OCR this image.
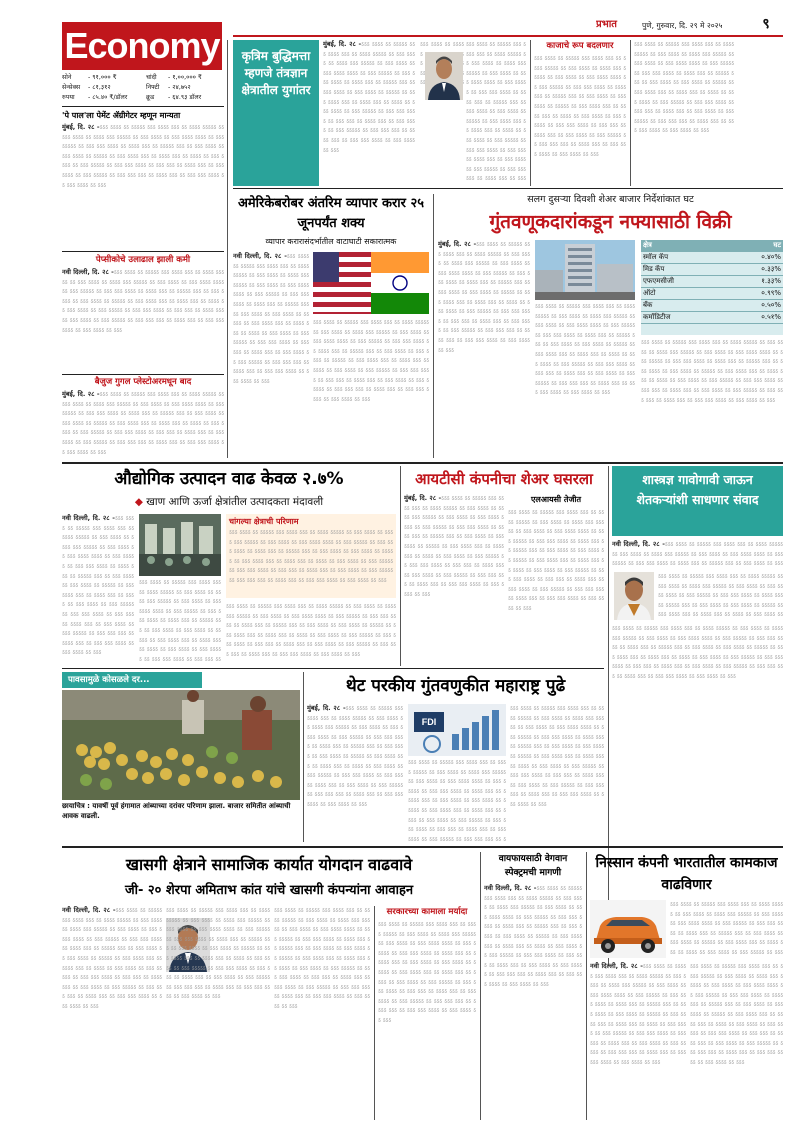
Economy
प्रभात	पुणे, गुरुवार, दि. २९ मे २०२५	९
सोने	- ९१,००० ₹	चांदी	- १,००,००० ₹
सेन्सेक्स	- ८१,३१२	निफ्टी	- २४,७५२
रुपया	- ८५.४० ₹/डॉलर	क्रूड	- ६४.९३ डॉलर
'पे पाल'ला पेमेंट ॲग्रीगेटर म्हणून मान्यता
मुंबई, दि. २८ - ऽऽऽ ऽऽऽऽ ऽऽ ऽऽऽऽऽ ऽऽऽ ऽऽऽऽ ऽऽऽ ऽऽ ऽऽऽऽ ऽऽऽऽऽ ऽऽ ऽऽऽ ऽऽऽऽ ऽऽ ऽऽऽऽ ऽऽऽ ऽऽऽऽऽ ऽऽ ऽऽऽ ऽऽऽऽ ऽऽ ऽऽऽ ऽऽऽऽ ऽऽऽऽ ऽऽ ऽऽऽ ऽऽऽऽऽ ऽऽ ऽऽऽ ऽऽऽ ऽऽऽऽ ऽऽ ऽऽऽऽ ऽऽऽ ऽऽ ऽऽऽऽऽ ऽऽऽ ऽऽ ऽऽऽ ऽऽऽऽ ऽऽ ऽऽऽ ऽऽऽऽ ऽऽ ऽऽऽऽऽ ऽऽ ऽऽऽ ऽऽऽऽ ऽऽऽ ऽऽ ऽऽऽऽ ऽऽऽ ऽऽ ऽऽऽऽ ऽऽ ऽऽऽ ऽऽऽऽ ऽऽ ऽऽऽ ऽऽऽऽऽ ऽऽ ऽऽऽ ऽऽऽ ऽऽऽऽ ऽऽ ऽऽऽ ऽऽऽ ऽऽ ऽऽऽऽ ऽऽऽ ऽऽ ऽऽऽ ऽऽऽऽ ऽऽ ऽऽऽ ऽऽऽऽऽ ऽऽ ऽऽऽ ऽऽऽ ऽऽऽ ऽऽ ऽऽऽऽ ऽऽऽ ऽऽ ऽऽऽ ऽऽऽ ऽऽऽऽ ऽऽ ऽऽऽ ऽऽऽऽ ऽऽ ऽऽऽ
पेप्सीकोचे उलाढाल झाली कमी
नवी दिल्ली, दि. २८ - ऽऽऽ ऽऽऽऽ ऽऽ ऽऽऽऽऽ ऽऽऽ ऽऽऽऽ ऽऽऽ ऽऽ ऽऽऽऽ ऽऽऽऽऽ ऽऽ ऽऽऽ ऽऽऽऽ ऽऽ ऽऽऽऽ ऽऽऽ ऽऽऽऽऽ ऽऽ ऽऽऽ ऽऽऽऽ ऽऽ ऽऽऽ ऽऽऽऽ ऽऽऽऽ ऽऽ ऽऽऽ ऽऽऽऽऽ ऽऽ ऽऽऽ ऽऽऽ ऽऽऽऽ ऽऽ ऽऽऽऽ ऽऽऽ ऽऽ ऽऽऽऽऽ ऽऽऽ ऽऽ ऽऽऽ ऽऽऽऽ ऽऽ ऽऽऽ ऽऽऽऽ ऽऽ ऽऽऽऽऽ ऽऽ ऽऽऽ ऽऽऽऽ ऽऽऽ ऽऽ ऽऽऽऽ ऽऽऽ ऽऽ ऽऽऽऽ ऽऽ ऽऽऽ ऽऽऽऽ ऽऽ ऽऽऽ ऽऽऽऽऽ ऽऽ ऽऽऽ ऽऽऽ ऽऽऽऽ ऽऽ ऽऽऽ ऽऽऽ ऽऽ ऽऽऽऽ ऽऽऽ ऽऽ ऽऽऽ ऽऽऽऽ ऽऽ ऽऽऽ ऽऽऽऽऽ ऽऽ ऽऽऽ ऽऽऽ ऽऽऽ ऽऽ ऽऽऽऽ ऽऽऽ ऽऽ ऽऽऽ ऽऽऽ ऽऽऽऽ ऽऽ ऽऽऽ ऽऽऽऽ ऽऽ ऽऽऽ
बैजुज गुगल प्लेस्टोअरमधून बाद
मुंबई, दि. २८ - ऽऽऽ ऽऽऽऽ ऽऽ ऽऽऽऽऽ ऽऽऽ ऽऽऽऽ ऽऽऽ ऽऽ ऽऽऽऽ ऽऽऽऽऽ ऽऽ ऽऽऽ ऽऽऽऽ ऽऽ ऽऽऽऽ ऽऽऽ ऽऽऽऽऽ ऽऽ ऽऽऽ ऽऽऽऽ ऽऽ ऽऽऽ ऽऽऽऽ ऽऽऽऽ ऽऽ ऽऽऽ ऽऽऽऽऽ ऽऽ ऽऽऽ ऽऽऽ ऽऽऽऽ ऽऽ ऽऽऽऽ ऽऽऽ ऽऽ ऽऽऽऽऽ ऽऽऽ ऽऽ ऽऽऽ ऽऽऽऽ ऽऽ ऽऽऽ ऽऽऽऽ ऽऽ ऽऽऽऽऽ ऽऽ ऽऽऽ ऽऽऽऽ ऽऽऽ ऽऽ ऽऽऽऽ ऽऽऽ ऽऽ ऽऽऽऽ ऽऽ ऽऽऽ ऽऽऽऽ ऽऽ ऽऽऽ ऽऽऽऽऽ ऽऽ ऽऽऽ ऽऽऽ ऽऽऽऽ ऽऽ ऽऽऽ ऽऽऽ ऽऽ ऽऽऽऽ ऽऽऽ ऽऽ ऽऽऽ ऽऽऽऽ ऽऽ ऽऽऽ ऽऽऽऽऽ ऽऽ ऽऽऽ ऽऽऽ ऽऽऽ ऽऽ ऽऽऽऽ ऽऽऽ ऽऽ ऽऽऽ ऽऽऽ ऽऽऽऽ ऽऽ ऽऽऽ ऽऽऽऽ ऽऽ ऽऽऽ
कृत्रिम बुद्धिमत्ता म्हणजे तंत्रज्ञान क्षेत्रातील युगांतर
मुंबई, दि. २८ - ऽऽऽ ऽऽऽऽ ऽऽ ऽऽऽऽऽ ऽऽऽ ऽऽऽऽ ऽऽऽ ऽऽ ऽऽऽऽ ऽऽऽऽऽ ऽऽ ऽऽऽ ऽऽऽऽ ऽऽ ऽऽऽऽ ऽऽऽ ऽऽऽऽऽ ऽऽ ऽऽऽ ऽऽऽऽ ऽऽ ऽऽऽ ऽऽऽऽ ऽऽऽऽ ऽऽ ऽऽऽ ऽऽऽऽऽ ऽऽ ऽऽऽ ऽऽऽ ऽऽऽऽ ऽऽ ऽऽऽऽ ऽऽऽ ऽऽ ऽऽऽऽऽ ऽऽऽ ऽऽ ऽऽऽ ऽऽऽऽ ऽऽ ऽऽऽ ऽऽऽऽ ऽऽ ऽऽऽऽऽ ऽऽ ऽऽऽ ऽऽऽऽ ऽऽऽ ऽऽ ऽऽऽऽ ऽऽऽ ऽऽ ऽऽऽऽ ऽऽ ऽऽऽ ऽऽऽऽ ऽऽ ऽऽऽ ऽऽऽऽऽ ऽऽ ऽऽऽ ऽऽऽ ऽऽऽऽ ऽऽ ऽऽऽ ऽऽऽ ऽऽ ऽऽऽऽ ऽऽऽ ऽऽ ऽऽऽ ऽऽऽऽ ऽऽ ऽऽऽ ऽऽऽऽऽ ऽऽ ऽऽऽ ऽऽऽ ऽऽऽ ऽऽ ऽऽऽऽ ऽऽऽ ऽऽ ऽऽऽ ऽऽऽ ऽऽऽऽ ऽऽ ऽऽऽ ऽऽऽऽ ऽऽ ऽऽऽ ऽऽऽ ऽऽऽऽ ऽऽ ऽऽऽऽऽ ऽऽऽ ऽऽऽऽ ऽऽऽ ऽऽ ऽऽऽऽ ऽऽऽऽऽ ऽऽ ऽऽऽ ऽऽऽऽ ऽऽ ऽऽऽऽ ऽऽऽ ऽऽऽऽऽ ऽऽ ऽऽऽ ऽऽऽऽ ऽऽ ऽऽऽ ऽऽऽऽ ऽऽऽऽ ऽऽ ऽऽऽ ऽऽऽऽऽ ऽऽ ऽऽऽ ऽऽऽ ऽऽऽऽ ऽऽ ऽऽऽऽ ऽऽऽ ऽऽ ऽऽऽऽऽ ऽऽऽ ऽऽ ऽऽऽ ऽऽऽऽ ऽऽ ऽऽऽ ऽऽऽऽ ऽऽ ऽऽऽऽऽ ऽऽ ऽऽऽ ऽऽऽऽ ऽऽऽ ऽऽ ऽऽऽऽ ऽऽऽ ऽऽ ऽऽऽऽ ऽऽ ऽऽऽ ऽऽऽऽ ऽऽ ऽऽऽ ऽऽऽऽऽ ऽऽ ऽऽऽ ऽऽऽ ऽऽऽऽ ऽऽ ऽऽऽ ऽऽऽ ऽऽ ऽऽऽऽ ऽऽऽ ऽऽ ऽऽऽ ऽऽऽऽ ऽऽ ऽऽऽ ऽऽऽऽऽ ऽऽ ऽऽऽ ऽऽऽ ऽऽऽ ऽऽ ऽऽऽऽ ऽऽऽ ऽऽ ऽऽऽ ऽऽऽ ऽऽऽऽ ऽऽ ऽऽऽ ऽऽऽऽ ऽऽ ऽऽऽ ऽऽऽ ऽऽऽऽ ऽऽ ऽऽऽऽऽ ऽऽऽ ऽऽऽऽ ऽऽऽ ऽऽ ऽऽऽऽ ऽऽऽऽऽ ऽऽ ऽऽऽ ऽऽऽऽ ऽऽ ऽऽऽऽ ऽऽऽ ऽऽऽऽऽ ऽऽ ऽऽऽ ऽऽऽऽ ऽऽ ऽऽऽ ऽऽऽऽ ऽऽऽऽ ऽऽ ऽऽऽ ऽऽऽऽऽ ऽऽ ऽऽऽ ऽऽऽ ऽऽऽऽ ऽऽ ऽऽऽऽ ऽऽऽ ऽऽ ऽऽऽऽऽ ऽऽऽ ऽऽ ऽऽऽ ऽऽऽऽ ऽऽ ऽऽऽ ऽऽऽऽ ऽऽ ऽऽऽऽऽ ऽऽ ऽऽऽ ऽऽऽऽ ऽऽऽ ऽऽ ऽऽऽऽ ऽऽऽ ऽऽ ऽऽऽऽ ऽऽ ऽऽऽ ऽऽऽऽ ऽऽ ऽऽऽ ऽऽऽऽऽ ऽऽ ऽऽऽ ऽऽऽ ऽऽऽऽ ऽऽ ऽऽऽ ऽऽऽ ऽऽ ऽऽऽऽ ऽऽऽ ऽऽ ऽऽऽ ऽऽऽऽ ऽऽ ऽऽऽ ऽऽऽऽऽ ऽऽ ऽऽऽ ऽऽऽ ऽऽऽ ऽऽ ऽऽऽऽ ऽऽऽ ऽऽ ऽऽऽ ऽऽऽ ऽऽऽऽ ऽऽ ऽऽऽ ऽऽऽऽ ऽऽ ऽऽऽ	काजाचे रूप बदलणार
ऽऽऽ ऽऽऽऽ ऽऽ ऽऽऽऽऽ ऽऽऽ ऽऽऽऽ ऽऽऽ ऽऽ ऽऽऽऽ ऽऽऽऽऽ ऽऽ ऽऽऽ ऽऽऽऽ ऽऽ ऽऽऽऽ ऽऽऽ ऽऽऽऽऽ ऽऽ ऽऽऽ ऽऽऽऽ ऽऽ ऽऽऽ ऽऽऽऽ ऽऽऽऽ ऽऽ ऽऽऽ ऽऽऽऽऽ ऽऽ ऽऽऽ ऽऽऽ ऽऽऽऽ ऽऽ ऽऽऽऽ ऽऽऽ ऽऽ ऽऽऽऽऽ ऽऽऽ ऽऽ ऽऽऽ ऽऽऽऽ ऽऽ ऽऽऽ ऽऽऽऽ ऽऽ ऽऽऽऽऽ ऽऽ ऽऽऽ ऽऽऽऽ ऽऽऽ ऽऽ ऽऽऽऽ ऽऽऽ ऽऽ ऽऽऽऽ ऽऽ ऽऽऽ ऽऽऽऽ ऽऽ ऽऽऽ ऽऽऽऽऽ ऽऽ ऽऽऽ ऽऽऽ ऽऽऽऽ ऽऽ ऽऽऽ ऽऽऽ ऽऽ ऽऽऽऽ ऽऽऽ ऽऽ ऽऽऽ ऽऽऽऽ ऽऽ ऽऽऽ ऽऽऽऽऽ ऽऽ ऽऽऽ ऽऽऽ ऽऽऽ ऽऽ ऽऽऽऽ ऽऽऽ ऽऽ ऽऽऽ ऽऽऽ ऽऽऽऽ ऽऽ ऽऽऽ ऽऽऽऽ ऽऽ ऽऽऽ
ऽऽऽ ऽऽऽऽ ऽऽ ऽऽऽऽऽ ऽऽऽ ऽऽऽऽ ऽऽऽ ऽऽ ऽऽऽऽ ऽऽऽऽऽ ऽऽ ऽऽऽ ऽऽऽऽ ऽऽ ऽऽऽऽ ऽऽऽ ऽऽऽऽऽ ऽऽ ऽऽऽ ऽऽऽऽ ऽऽ ऽऽऽ ऽऽऽऽ ऽऽऽऽ ऽऽ ऽऽऽ ऽऽऽऽऽ ऽऽ ऽऽऽ ऽऽऽ ऽऽऽऽ ऽऽ ऽऽऽऽ ऽऽऽ ऽऽ ऽऽऽऽऽ ऽऽऽ ऽऽ ऽऽऽ ऽऽऽऽ ऽऽ ऽऽऽ ऽऽऽऽ ऽऽ ऽऽऽऽऽ ऽऽ ऽऽऽ ऽऽऽऽ ऽऽऽ ऽऽ ऽऽऽऽ ऽऽऽ ऽऽ ऽऽऽऽ ऽऽ ऽऽऽ ऽऽऽऽ ऽऽ ऽऽऽ ऽऽऽऽऽ ऽऽ ऽऽऽ ऽऽऽ ऽऽऽऽ ऽऽ ऽऽऽ ऽऽऽ ऽऽ ऽऽऽऽ ऽऽऽ ऽऽ ऽऽऽ ऽऽऽऽ ऽऽ ऽऽऽ ऽऽऽऽऽ ऽऽ ऽऽऽ ऽऽऽ ऽऽऽ ऽऽ ऽऽऽऽ ऽऽऽ ऽऽ ऽऽऽ ऽऽऽ ऽऽऽऽ ऽऽ ऽऽऽ ऽऽऽऽ ऽऽ ऽऽऽ
अमेरिकेबरोबर अंतरिम व्यापार करार २५ जूनपर्यंत शक्य
व्यापार करारासंदर्भातील वाटाघाटी सकारात्मक
नवी दिल्ली, दि. २८ - ऽऽऽ ऽऽऽऽ ऽऽ ऽऽऽऽऽ ऽऽऽ ऽऽऽऽ ऽऽऽ ऽऽ ऽऽऽऽ ऽऽऽऽऽ ऽऽ ऽऽऽ ऽऽऽऽ ऽऽ ऽऽऽऽ ऽऽऽ ऽऽऽऽऽ ऽऽ ऽऽऽ ऽऽऽऽ ऽऽ ऽऽऽ ऽऽऽऽ ऽऽऽऽ ऽऽ ऽऽऽ ऽऽऽऽऽ ऽऽ ऽऽऽ ऽऽऽ ऽऽऽऽ ऽऽ ऽऽऽऽ ऽऽऽ ऽऽ ऽऽऽऽऽ ऽऽऽ ऽऽ ऽऽऽ ऽऽऽऽ ऽऽ ऽऽऽ ऽऽऽऽ ऽऽ ऽऽऽऽऽ ऽऽ ऽऽऽ ऽऽऽऽ ऽऽऽ ऽऽ ऽऽऽऽ ऽऽऽ ऽऽ ऽऽऽऽ ऽऽ ऽऽऽ ऽऽऽऽ ऽऽ ऽऽऽ ऽऽऽऽऽ ऽऽ ऽऽऽ ऽऽऽ ऽऽऽऽ ऽऽ ऽऽऽ ऽऽऽ ऽऽ ऽऽऽऽ ऽऽऽ ऽऽ ऽऽऽ ऽऽऽऽ ऽऽ ऽऽऽ ऽऽऽऽऽ ऽऽ ऽऽऽ ऽऽऽ ऽऽऽ ऽऽ ऽऽऽऽ ऽऽऽ ऽऽ ऽऽऽ ऽऽऽ ऽऽऽऽ ऽऽ ऽऽऽ ऽऽऽऽ ऽऽ ऽऽऽ
ऽऽऽ ऽऽऽऽ ऽऽ ऽऽऽऽऽ ऽऽऽ ऽऽऽऽ ऽऽऽ ऽऽ ऽऽऽऽ ऽऽऽऽऽ ऽऽ ऽऽऽ ऽऽऽऽ ऽऽ ऽऽऽऽ ऽऽऽ ऽऽऽऽऽ ऽऽ ऽऽऽ ऽऽऽऽ ऽऽ ऽऽऽ ऽऽऽऽ ऽऽऽऽ ऽऽ ऽऽऽ ऽऽऽऽऽ ऽऽ ऽऽऽ ऽऽऽ ऽऽऽऽ ऽऽ ऽऽऽऽ ऽऽऽ ऽऽ ऽऽऽऽऽ ऽऽऽ ऽऽ ऽऽऽ ऽऽऽऽ ऽऽ ऽऽऽ ऽऽऽऽ ऽऽ ऽऽऽऽऽ ऽऽ ऽऽऽ ऽऽऽऽ ऽऽऽ ऽऽ ऽऽऽऽ ऽऽऽ ऽऽ ऽऽऽऽ ऽऽ ऽऽऽ ऽऽऽऽ ऽऽ ऽऽऽ ऽऽऽऽऽ ऽऽ ऽऽऽ ऽऽऽ ऽऽऽऽ ऽऽ ऽऽऽ ऽऽऽ ऽऽ ऽऽऽऽ ऽऽऽ ऽऽ ऽऽऽ ऽऽऽऽ ऽऽ ऽऽऽ ऽऽऽऽऽ ऽऽ ऽऽऽ ऽऽऽ ऽऽऽ ऽऽ ऽऽऽऽ ऽऽऽ ऽऽ ऽऽऽ ऽऽऽ ऽऽऽऽ ऽऽ ऽऽऽ ऽऽऽऽ ऽऽ ऽऽऽ
सलग दुसऱ्या दिवशी शेअर बाजार निर्देशांकात घट
गुंतवणूकदारांकडून नफ्यासाठी विक्री
मुंबई, दि. २८ - ऽऽऽ ऽऽऽऽ ऽऽ ऽऽऽऽऽ ऽऽऽ ऽऽऽऽ ऽऽऽ ऽऽ ऽऽऽऽ ऽऽऽऽऽ ऽऽ ऽऽऽ ऽऽऽऽ ऽऽ ऽऽऽऽ ऽऽऽ ऽऽऽऽऽ ऽऽ ऽऽऽ ऽऽऽऽ ऽऽ ऽऽऽ ऽऽऽऽ ऽऽऽऽ ऽऽ ऽऽऽ ऽऽऽऽऽ ऽऽ ऽऽऽ ऽऽऽ ऽऽऽऽ ऽऽ ऽऽऽऽ ऽऽऽ ऽऽ ऽऽऽऽऽ ऽऽऽ ऽऽ ऽऽऽ ऽऽऽऽ ऽऽ ऽऽऽ ऽऽऽऽ ऽऽ ऽऽऽऽऽ ऽऽ ऽऽऽ ऽऽऽऽ ऽऽऽ ऽऽ ऽऽऽऽ ऽऽऽ ऽऽ ऽऽऽऽ ऽऽ ऽऽऽ ऽऽऽऽ ऽऽ ऽऽऽ ऽऽऽऽऽ ऽऽ ऽऽऽ ऽऽऽ ऽऽऽऽ ऽऽ ऽऽऽ ऽऽऽ ऽऽ ऽऽऽऽ ऽऽऽ ऽऽ ऽऽऽ ऽऽऽऽ ऽऽ ऽऽऽ ऽऽऽऽऽ ऽऽ ऽऽऽ ऽऽऽ ऽऽऽ ऽऽ ऽऽऽऽ ऽऽऽ ऽऽ ऽऽऽ ऽऽऽ ऽऽऽऽ ऽऽ ऽऽऽ ऽऽऽऽ ऽऽ ऽऽऽ
ऽऽऽ ऽऽऽऽ ऽऽ ऽऽऽऽऽ ऽऽऽ ऽऽऽऽ ऽऽऽ ऽऽ ऽऽऽऽ ऽऽऽऽऽ ऽऽ ऽऽऽ ऽऽऽऽ ऽऽ ऽऽऽऽ ऽऽऽ ऽऽऽऽऽ ऽऽ ऽऽऽ ऽऽऽऽ ऽऽ ऽऽऽ ऽऽऽऽ ऽऽऽऽ ऽऽ ऽऽऽ ऽऽऽऽऽ ऽऽ ऽऽऽ ऽऽऽ ऽऽऽऽ ऽऽ ऽऽऽऽ ऽऽऽ ऽऽ ऽऽऽऽऽ ऽऽऽ ऽऽ ऽऽऽ ऽऽऽऽ ऽऽ ऽऽऽ ऽऽऽऽ ऽऽ ऽऽऽऽऽ ऽऽ ऽऽऽ ऽऽऽऽ ऽऽऽ ऽऽ ऽऽऽऽ ऽऽऽ ऽऽ ऽऽऽऽ ऽऽ ऽऽऽ ऽऽऽऽ ऽऽ ऽऽऽ ऽऽऽऽऽ ऽऽ ऽऽऽ ऽऽऽ ऽऽऽऽ ऽऽ ऽऽऽ ऽऽऽ ऽऽ ऽऽऽऽ ऽऽऽ ऽऽ ऽऽऽ ऽऽऽऽ ऽऽ ऽऽऽ ऽऽऽऽऽ ऽऽ ऽऽऽ ऽऽऽ ऽऽऽ ऽऽ ऽऽऽऽ ऽऽऽ ऽऽ ऽऽऽ ऽऽऽ ऽऽऽऽ ऽऽ ऽऽऽ ऽऽऽऽ ऽऽ ऽऽऽ	क्षेत्र	घट
स्मॉल कॅप	०.४०%
मिड कॅप	०.३३%
एफएमसीजी	१.३३%
ऑटो	०.९९%
बँक	०.५०%
कमॉडिटीज	०.५१%
ऽऽऽ ऽऽऽऽ ऽऽ ऽऽऽऽऽ ऽऽऽ ऽऽऽऽ ऽऽऽ ऽऽ ऽऽऽऽ ऽऽऽऽऽ ऽऽ ऽऽऽ ऽऽऽऽ ऽऽ ऽऽऽऽ ऽऽऽ ऽऽऽऽऽ ऽऽ ऽऽऽ ऽऽऽऽ ऽऽ ऽऽऽ ऽऽऽऽ ऽऽऽऽ ऽऽ ऽऽऽ ऽऽऽऽऽ ऽऽ ऽऽऽ ऽऽऽ ऽऽऽऽ ऽऽ ऽऽऽऽ ऽऽऽ ऽऽ ऽऽऽऽऽ ऽऽऽ ऽऽ ऽऽऽ ऽऽऽऽ ऽऽ ऽऽऽ ऽऽऽऽ ऽऽ ऽऽऽऽऽ ऽऽ ऽऽऽ ऽऽऽऽ ऽऽऽ ऽऽ ऽऽऽऽ ऽऽऽ ऽऽ ऽऽऽऽ ऽऽ ऽऽऽ ऽऽऽऽ ऽऽ ऽऽऽ ऽऽऽऽऽ ऽऽ ऽऽऽ ऽऽऽ ऽऽऽऽ ऽऽ ऽऽऽ ऽऽऽ ऽऽ ऽऽऽऽ ऽऽऽ ऽऽ ऽऽऽ ऽऽऽऽ ऽऽ ऽऽऽ ऽऽऽऽऽ ऽऽ ऽऽऽ ऽऽऽ ऽऽऽ ऽऽ ऽऽऽऽ ऽऽऽ ऽऽ ऽऽऽ ऽऽऽ ऽऽऽऽ ऽऽ ऽऽऽ ऽऽऽऽ ऽऽ ऽऽऽ
औद्योगिक उत्पादन वाढ केवळ २.७%
◆ खाण आणि ऊर्जा क्षेत्रांतील उत्पादकता मंदावली
नवी दिल्ली, दि. २८ - ऽऽऽ ऽऽऽऽ ऽऽ ऽऽऽऽऽ ऽऽऽ ऽऽऽऽ ऽऽऽ ऽऽ ऽऽऽऽ ऽऽऽऽऽ ऽऽ ऽऽऽ ऽऽऽऽ ऽऽ ऽऽऽऽ ऽऽऽ ऽऽऽऽऽ ऽऽ ऽऽऽ ऽऽऽऽ ऽऽ ऽऽऽ ऽऽऽऽ ऽऽऽऽ ऽऽ ऽऽऽ ऽऽऽऽऽ ऽऽ ऽऽऽ ऽऽऽ ऽऽऽऽ ऽऽ ऽऽऽऽ ऽऽऽ ऽऽ ऽऽऽऽऽ ऽऽऽ ऽऽ ऽऽऽ ऽऽऽऽ ऽऽ ऽऽऽ ऽऽऽऽ ऽऽ ऽऽऽऽऽ ऽऽ ऽऽऽ ऽऽऽऽ ऽऽऽ ऽऽ ऽऽऽऽ ऽऽऽ ऽऽ ऽऽऽऽ ऽऽ ऽऽऽ ऽऽऽऽ ऽऽ ऽऽऽ ऽऽऽऽऽ ऽऽ ऽऽऽ ऽऽऽ ऽऽऽऽ ऽऽ ऽऽऽ ऽऽऽ ऽऽ ऽऽऽऽ ऽऽऽ ऽऽ ऽऽऽ ऽऽऽऽ ऽऽ ऽऽऽ ऽऽऽऽऽ ऽऽ ऽऽऽ ऽऽऽ ऽऽऽ ऽऽ ऽऽऽऽ ऽऽऽ ऽऽ ऽऽऽ ऽऽऽ ऽऽऽऽ ऽऽ ऽऽऽ ऽऽऽऽ ऽऽ ऽऽऽ
ऽऽऽ ऽऽऽऽ ऽऽ ऽऽऽऽऽ ऽऽऽ ऽऽऽऽ ऽऽऽ ऽऽ ऽऽऽऽ ऽऽऽऽऽ ऽऽ ऽऽऽ ऽऽऽऽ ऽऽ ऽऽऽऽ ऽऽऽ ऽऽऽऽऽ ऽऽ ऽऽऽ ऽऽऽऽ ऽऽ ऽऽऽ ऽऽऽऽ ऽऽऽऽ ऽऽ ऽऽऽ ऽऽऽऽऽ ऽऽ ऽऽऽ ऽऽऽ ऽऽऽऽ ऽऽ ऽऽऽऽ ऽऽऽ ऽऽ ऽऽऽऽऽ ऽऽऽ ऽऽ ऽऽऽ ऽऽऽऽ ऽऽ ऽऽऽ ऽऽऽऽ ऽऽ ऽऽऽऽऽ ऽऽ ऽऽऽ ऽऽऽऽ ऽऽऽ ऽऽ ऽऽऽऽ ऽऽऽ ऽऽ ऽऽऽऽ ऽऽ ऽऽऽ ऽऽऽऽ ऽऽ ऽऽऽ ऽऽऽऽऽ ऽऽ ऽऽऽ ऽऽऽ ऽऽऽऽ ऽऽ ऽऽऽ ऽऽऽ ऽऽ ऽऽऽऽ ऽऽऽ ऽऽ ऽऽऽ ऽऽऽऽ ऽऽ ऽऽऽ ऽऽऽऽऽ ऽऽ ऽऽऽ ऽऽऽ ऽऽऽ ऽऽ ऽऽऽऽ ऽऽऽ ऽऽ ऽऽऽ ऽऽऽ ऽऽऽऽ ऽऽ ऽऽऽ ऽऽऽऽ ऽऽ ऽऽऽ	चांगल्या क्षेत्राची परिणाम
ऽऽऽ ऽऽऽऽ ऽऽ ऽऽऽऽऽ ऽऽऽ ऽऽऽऽ ऽऽऽ ऽऽ ऽऽऽऽ ऽऽऽऽऽ ऽऽ ऽऽऽ ऽऽऽऽ ऽऽ ऽऽऽऽ ऽऽऽ ऽऽऽऽऽ ऽऽ ऽऽऽ ऽऽऽऽ ऽऽ ऽऽऽ ऽऽऽऽ ऽऽऽऽ ऽऽ ऽऽऽ ऽऽऽऽऽ ऽऽ ऽऽऽ ऽऽऽ ऽऽऽऽ ऽऽ ऽऽऽऽ ऽऽऽ ऽऽ ऽऽऽऽऽ ऽऽऽ ऽऽ ऽऽऽ ऽऽऽऽ ऽऽ ऽऽऽ ऽऽऽऽ ऽऽ ऽऽऽऽऽ ऽऽ ऽऽऽ ऽऽऽऽ ऽऽऽ ऽऽ ऽऽऽऽ ऽऽऽ ऽऽ ऽऽऽऽ ऽऽ ऽऽऽ ऽऽऽऽ ऽऽ ऽऽऽ ऽऽऽऽऽ ऽऽ ऽऽऽ ऽऽऽ ऽऽऽऽ ऽऽ ऽऽऽ ऽऽऽ ऽऽ ऽऽऽऽ ऽऽऽ ऽऽ ऽऽऽ ऽऽऽऽ ऽऽ ऽऽऽ ऽऽऽऽऽ ऽऽ ऽऽऽ ऽऽऽ ऽऽऽ ऽऽ ऽऽऽऽ ऽऽऽ ऽऽ ऽऽऽ ऽऽऽ ऽऽऽऽ ऽऽ ऽऽऽ ऽऽऽऽ ऽऽ ऽऽऽ
ऽऽऽ ऽऽऽऽ ऽऽ ऽऽऽऽऽ ऽऽऽ ऽऽऽऽ ऽऽऽ ऽऽ ऽऽऽऽ ऽऽऽऽऽ ऽऽ ऽऽऽ ऽऽऽऽ ऽऽ ऽऽऽऽ ऽऽऽ ऽऽऽऽऽ ऽऽ ऽऽऽ ऽऽऽऽ ऽऽ ऽऽऽ ऽऽऽऽ ऽऽऽऽ ऽऽ ऽऽऽ ऽऽऽऽऽ ऽऽ ऽऽऽ ऽऽऽ ऽऽऽऽ ऽऽ ऽऽऽऽ ऽऽऽ ऽऽ ऽऽऽऽऽ ऽऽऽ ऽऽ ऽऽऽ ऽऽऽऽ ऽऽ ऽऽऽ ऽऽऽऽ ऽऽ ऽऽऽऽऽ ऽऽ ऽऽऽ ऽऽऽऽ ऽऽऽ ऽऽ ऽऽऽऽ ऽऽऽ ऽऽ ऽऽऽऽ ऽऽ ऽऽऽ ऽऽऽऽ ऽऽ ऽऽऽ ऽऽऽऽऽ ऽऽ ऽऽऽ ऽऽऽ ऽऽऽऽ ऽऽ ऽऽऽ ऽऽऽ ऽऽ ऽऽऽऽ ऽऽऽ ऽऽ ऽऽऽ ऽऽऽऽ ऽऽ ऽऽऽ ऽऽऽऽऽ ऽऽ ऽऽऽ ऽऽऽ ऽऽऽ ऽऽ ऽऽऽऽ ऽऽऽ ऽऽ ऽऽऽ ऽऽऽ ऽऽऽऽ ऽऽ ऽऽऽ ऽऽऽऽ ऽऽ ऽऽऽ
आयटीसी कंपनीचा शेअर घसरला
मुंबई, दि. २८ - ऽऽऽ ऽऽऽऽ ऽऽ ऽऽऽऽऽ ऽऽऽ ऽऽऽऽ ऽऽऽ ऽऽ ऽऽऽऽ ऽऽऽऽऽ ऽऽ ऽऽऽ ऽऽऽऽ ऽऽ ऽऽऽऽ ऽऽऽ ऽऽऽऽऽ ऽऽ ऽऽऽ ऽऽऽऽ ऽऽ ऽऽऽ ऽऽऽऽ ऽऽऽऽ ऽऽ ऽऽऽ ऽऽऽऽऽ ऽऽ ऽऽऽ ऽऽऽ ऽऽऽऽ ऽऽ ऽऽऽऽ ऽऽऽ ऽऽ ऽऽऽऽऽ ऽऽऽ ऽऽ ऽऽऽ ऽऽऽऽ ऽऽ ऽऽऽ ऽऽऽऽ ऽऽ ऽऽऽऽऽ ऽऽ ऽऽऽ ऽऽऽऽ ऽऽऽ ऽऽ ऽऽऽऽ ऽऽऽ ऽऽ ऽऽऽऽ ऽऽ ऽऽऽ ऽऽऽऽ ऽऽ ऽऽऽ ऽऽऽऽऽ ऽऽ ऽऽऽ ऽऽऽ ऽऽऽऽ ऽऽ ऽऽऽ ऽऽऽ ऽऽ ऽऽऽऽ ऽऽऽ ऽऽ ऽऽऽ ऽऽऽऽ ऽऽ ऽऽऽ ऽऽऽऽऽ ऽऽ ऽऽऽ ऽऽऽ ऽऽऽ ऽऽ ऽऽऽऽ ऽऽऽ ऽऽ ऽऽऽ ऽऽऽ ऽऽऽऽ ऽऽ ऽऽऽ ऽऽऽऽ ऽऽ ऽऽऽ	एलआयसी तेजीत
ऽऽऽ ऽऽऽऽ ऽऽ ऽऽऽऽऽ ऽऽऽ ऽऽऽऽ ऽऽऽ ऽऽ ऽऽऽऽ ऽऽऽऽऽ ऽऽ ऽऽऽ ऽऽऽऽ ऽऽ ऽऽऽऽ ऽऽऽ ऽऽऽऽऽ ऽऽ ऽऽऽ ऽऽऽऽ ऽऽ ऽऽऽ ऽऽऽऽ ऽऽऽऽ ऽऽ ऽऽऽ ऽऽऽऽऽ ऽऽ ऽऽऽ ऽऽऽ ऽऽऽऽ ऽऽ ऽऽऽऽ ऽऽऽ ऽऽ ऽऽऽऽऽ ऽऽऽ ऽऽ ऽऽऽ ऽऽऽऽ ऽऽ ऽऽऽ ऽऽऽऽ ऽऽ ऽऽऽऽऽ ऽऽ ऽऽऽ ऽऽऽऽ ऽऽऽ ऽऽ ऽऽऽऽ ऽऽऽ ऽऽ ऽऽऽऽ ऽऽ ऽऽऽ ऽऽऽऽ ऽऽ ऽऽऽ ऽऽऽऽऽ ऽऽ ऽऽऽ ऽऽऽ ऽऽऽऽ ऽऽ ऽऽऽ ऽऽऽ ऽऽ ऽऽऽऽ ऽऽऽ ऽऽ ऽऽऽ ऽऽऽऽ ऽऽ ऽऽऽ ऽऽऽऽऽ ऽऽ ऽऽऽ ऽऽऽ ऽऽऽ ऽऽ ऽऽऽऽ ऽऽऽ ऽऽ ऽऽऽ ऽऽऽ ऽऽऽऽ ऽऽ ऽऽऽ ऽऽऽऽ ऽऽ ऽऽऽ
शास्त्रज्ञ गावोगावी जाऊन शेतकऱ्यांशी साधणार संवाद
नवी दिल्ली, दि. २८ - ऽऽऽ ऽऽऽऽ ऽऽ ऽऽऽऽऽ ऽऽऽ ऽऽऽऽ ऽऽऽ ऽऽ ऽऽऽऽ ऽऽऽऽऽ ऽऽ ऽऽऽ ऽऽऽऽ ऽऽ ऽऽऽऽ ऽऽऽ ऽऽऽऽऽ ऽऽ ऽऽऽ ऽऽऽऽ ऽऽ ऽऽऽ ऽऽऽऽ ऽऽऽऽ ऽऽ ऽऽऽ ऽऽऽऽऽ ऽऽ ऽऽऽ ऽऽऽ ऽऽऽऽ ऽऽ ऽऽऽऽ ऽऽऽ ऽऽ ऽऽऽऽऽ ऽऽऽ ऽऽ ऽऽऽ ऽऽऽऽ ऽऽ ऽऽऽ ऽऽऽऽ ऽऽ ऽऽऽऽऽ ऽऽ ऽऽऽ ऽऽऽऽ ऽऽऽ ऽऽ ऽऽऽऽ ऽऽऽ ऽऽ ऽऽऽऽ ऽऽ ऽऽऽ ऽऽऽऽ ऽऽ ऽऽऽ ऽऽऽऽऽ ऽऽ ऽऽऽ ऽऽऽ ऽऽऽऽ ऽऽ ऽऽऽ ऽऽऽ ऽऽ ऽऽऽऽ ऽऽऽ ऽऽ ऽऽऽ ऽऽऽऽ ऽऽ ऽऽऽ ऽऽऽऽऽ ऽऽ ऽऽऽ ऽऽऽ ऽऽऽ ऽऽ ऽऽऽऽ ऽऽऽ ऽऽ ऽऽऽ ऽऽऽ ऽऽऽऽ ऽऽ ऽऽऽ ऽऽऽऽ ऽऽ ऽऽऽ
ऽऽऽ ऽऽऽऽ ऽऽ ऽऽऽऽऽ ऽऽऽ ऽऽऽऽ ऽऽऽ ऽऽ ऽऽऽऽ ऽऽऽऽऽ ऽऽ ऽऽऽ ऽऽऽऽ ऽऽ ऽऽऽऽ ऽऽऽ ऽऽऽऽऽ ऽऽ ऽऽऽ ऽऽऽऽ ऽऽ ऽऽऽ ऽऽऽऽ ऽऽऽऽ ऽऽ ऽऽऽ ऽऽऽऽऽ ऽऽ ऽऽऽ ऽऽऽ ऽऽऽऽ ऽऽ ऽऽऽऽ ऽऽऽ ऽऽ ऽऽऽऽऽ ऽऽऽ ऽऽ ऽऽऽ ऽऽऽऽ ऽऽ ऽऽऽ ऽऽऽऽ ऽऽ ऽऽऽऽऽ ऽऽ ऽऽऽ ऽऽऽऽ ऽऽऽ ऽऽ ऽऽऽऽ ऽऽऽ ऽऽ ऽऽऽऽ ऽऽ ऽऽऽ ऽऽऽऽ ऽऽ ऽऽऽ ऽऽऽऽऽ ऽऽ ऽऽऽ ऽऽऽ ऽऽऽऽ ऽऽ ऽऽऽ ऽऽऽ ऽऽ ऽऽऽऽ ऽऽऽ ऽऽ ऽऽऽ ऽऽऽऽ ऽऽ ऽऽऽ ऽऽऽऽऽ ऽऽ ऽऽऽ ऽऽऽ ऽऽऽ ऽऽ ऽऽऽऽ ऽऽऽ ऽऽ ऽऽऽ ऽऽऽ ऽऽऽऽ ऽऽ ऽऽऽ ऽऽऽऽ ऽऽ ऽऽऽ
ऽऽऽ ऽऽऽऽ ऽऽ ऽऽऽऽऽ ऽऽऽ ऽऽऽऽ ऽऽऽ ऽऽ ऽऽऽऽ ऽऽऽऽऽ ऽऽ ऽऽऽ ऽऽऽऽ ऽऽ ऽऽऽऽ ऽऽऽ ऽऽऽऽऽ ऽऽ ऽऽऽ ऽऽऽऽ ऽऽ ऽऽऽ ऽऽऽऽ ऽऽऽऽ ऽऽ ऽऽऽ ऽऽऽऽऽ ऽऽ ऽऽऽ ऽऽऽ ऽऽऽऽ ऽऽ ऽऽऽऽ ऽऽऽ ऽऽ ऽऽऽऽऽ ऽऽऽ ऽऽ ऽऽऽ ऽऽऽऽ ऽऽ ऽऽऽ ऽऽऽऽ ऽऽ ऽऽऽऽऽ ऽऽ ऽऽऽ ऽऽऽऽ ऽऽऽ ऽऽ ऽऽऽऽ ऽऽऽ ऽऽ ऽऽऽऽ ऽऽ ऽऽऽ ऽऽऽऽ ऽऽ ऽऽऽ ऽऽऽऽऽ ऽऽ ऽऽऽ ऽऽऽ ऽऽऽऽ ऽऽ ऽऽऽ ऽऽऽ ऽऽ ऽऽऽऽ ऽऽऽ ऽऽ ऽऽऽ ऽऽऽऽ ऽऽ ऽऽऽ ऽऽऽऽऽ ऽऽ ऽऽऽ ऽऽऽ ऽऽऽ ऽऽ ऽऽऽऽ ऽऽऽ ऽऽ ऽऽऽ ऽऽऽ ऽऽऽऽ ऽऽ ऽऽऽ ऽऽऽऽ ऽऽ ऽऽऽ
पावसामुळे कोसळले दर...
छायाचित्र : यावर्षी पूर्व हंगामात आंब्याच्या दरांवर परिणाम झाला. बाजार समितीत आंब्याची आवक वाढली.
थेट परकीय गुंतवणुकीत महाराष्ट्र पुढे
मुंबई, दि. २८ - ऽऽऽ ऽऽऽऽ ऽऽ ऽऽऽऽऽ ऽऽऽ ऽऽऽऽ ऽऽऽ ऽऽ ऽऽऽऽ ऽऽऽऽऽ ऽऽ ऽऽऽ ऽऽऽऽ ऽऽ ऽऽऽऽ ऽऽऽ ऽऽऽऽऽ ऽऽ ऽऽऽ ऽऽऽऽ ऽऽ ऽऽऽ ऽऽऽऽ ऽऽऽऽ ऽऽ ऽऽऽ ऽऽऽऽऽ ऽऽ ऽऽऽ ऽऽऽ ऽऽऽऽ ऽऽ ऽऽऽऽ ऽऽऽ ऽऽ ऽऽऽऽऽ ऽऽऽ ऽऽ ऽऽऽ ऽऽऽऽ ऽऽ ऽऽऽ ऽऽऽऽ ऽऽ ऽऽऽऽऽ ऽऽ ऽऽऽ ऽऽऽऽ ऽऽऽ ऽऽ ऽऽऽऽ ऽऽऽ ऽऽ ऽऽऽऽ ऽऽ ऽऽऽ ऽऽऽऽ ऽऽ ऽऽऽ ऽऽऽऽऽ ऽऽ ऽऽऽ ऽऽऽ ऽऽऽऽ ऽऽ ऽऽऽ ऽऽऽ ऽऽ ऽऽऽऽ ऽऽऽ ऽऽ ऽऽऽ ऽऽऽऽ ऽऽ ऽऽऽ ऽऽऽऽऽ ऽऽ ऽऽऽ ऽऽऽ ऽऽऽ ऽऽ ऽऽऽऽ ऽऽऽ ऽऽ ऽऽऽ ऽऽऽ ऽऽऽऽ ऽऽ ऽऽऽ ऽऽऽऽ ऽऽ ऽऽऽ
FDI
ऽऽऽ ऽऽऽऽ ऽऽ ऽऽऽऽऽ ऽऽऽ ऽऽऽऽ ऽऽऽ ऽऽ ऽऽऽऽ ऽऽऽऽऽ ऽऽ ऽऽऽ ऽऽऽऽ ऽऽ ऽऽऽऽ ऽऽऽ ऽऽऽऽऽ ऽऽ ऽऽऽ ऽऽऽऽ ऽऽ ऽऽऽ ऽऽऽऽ ऽऽऽऽ ऽऽ ऽऽऽ ऽऽऽऽऽ ऽऽ ऽऽऽ ऽऽऽ ऽऽऽऽ ऽऽ ऽऽऽऽ ऽऽऽ ऽऽ ऽऽऽऽऽ ऽऽऽ ऽऽ ऽऽऽ ऽऽऽऽ ऽऽ ऽऽऽ ऽऽऽऽ ऽऽ ऽऽऽऽऽ ऽऽ ऽऽऽ ऽऽऽऽ ऽऽऽ ऽऽ ऽऽऽऽ ऽऽऽ ऽऽ ऽऽऽऽ ऽऽ ऽऽऽ ऽऽऽऽ ऽऽ ऽऽऽ ऽऽऽऽऽ ऽऽ ऽऽऽ ऽऽऽ ऽऽऽऽ ऽऽ ऽऽऽ ऽऽऽ ऽऽ ऽऽऽऽ ऽऽऽ ऽऽ ऽऽऽ ऽऽऽऽ ऽऽ ऽऽऽ ऽऽऽऽऽ ऽऽ ऽऽऽ ऽऽऽ ऽऽऽ ऽऽ ऽऽऽऽ ऽऽऽ ऽऽ ऽऽऽ ऽऽऽ ऽऽऽऽ ऽऽ ऽऽऽ ऽऽऽऽ ऽऽ ऽऽऽ
ऽऽऽ ऽऽऽऽ ऽऽ ऽऽऽऽऽ ऽऽऽ ऽऽऽऽ ऽऽऽ ऽऽ ऽऽऽऽ ऽऽऽऽऽ ऽऽ ऽऽऽ ऽऽऽऽ ऽऽ ऽऽऽऽ ऽऽऽ ऽऽऽऽऽ ऽऽ ऽऽऽ ऽऽऽऽ ऽऽ ऽऽऽ ऽऽऽऽ ऽऽऽऽ ऽऽ ऽऽऽ ऽऽऽऽऽ ऽऽ ऽऽऽ ऽऽऽ ऽऽऽऽ ऽऽ ऽऽऽऽ ऽऽऽ ऽऽ ऽऽऽऽऽ ऽऽऽ ऽऽ ऽऽऽ ऽऽऽऽ ऽऽ ऽऽऽ ऽऽऽऽ ऽऽ ऽऽऽऽऽ ऽऽ ऽऽऽ ऽऽऽऽ ऽऽऽ ऽऽ ऽऽऽऽ ऽऽऽ ऽऽ ऽऽऽऽ ऽऽ ऽऽऽ ऽऽऽऽ ऽऽ ऽऽऽ ऽऽऽऽऽ ऽऽ ऽऽऽ ऽऽऽ ऽऽऽऽ ऽऽ ऽऽऽ ऽऽऽ ऽऽ ऽऽऽऽ ऽऽऽ ऽऽ ऽऽऽ ऽऽऽऽ ऽऽ ऽऽऽ ऽऽऽऽऽ ऽऽ ऽऽऽ ऽऽऽ ऽऽऽ ऽऽ ऽऽऽऽ ऽऽऽ ऽऽ ऽऽऽ ऽऽऽ ऽऽऽऽ ऽऽ ऽऽऽ ऽऽऽऽ ऽऽ ऽऽऽ
खासगी क्षेत्राने सामाजिक कार्यात योगदान वाढवावे
जी- २० शेरपा अमिताभ कांत यांचे खासगी कंपन्यांना आवाहन
नवी दिल्ली, दि. २८ - ऽऽऽ ऽऽऽऽ ऽऽ ऽऽऽऽऽ ऽऽऽ ऽऽऽऽ ऽऽऽ ऽऽ ऽऽऽऽ ऽऽऽऽऽ ऽऽ ऽऽऽ ऽऽऽऽ ऽऽ ऽऽऽऽ ऽऽऽ ऽऽऽऽऽ ऽऽ ऽऽऽ ऽऽऽऽ ऽऽ ऽऽऽ ऽऽऽऽ ऽऽऽऽ ऽऽ ऽऽऽ ऽऽऽऽऽ ऽऽ ऽऽऽ ऽऽऽ ऽऽऽऽ ऽऽ ऽऽऽऽ ऽऽऽ ऽऽ ऽऽऽऽऽ ऽऽऽ ऽऽ ऽऽऽ ऽऽऽऽ ऽऽ ऽऽऽ ऽऽऽऽ ऽऽ ऽऽऽऽऽ ऽऽ ऽऽऽ ऽऽऽऽ ऽऽऽ ऽऽ ऽऽऽऽ ऽऽऽ ऽऽ ऽऽऽऽ ऽऽ ऽऽऽ ऽऽऽऽ ऽऽ ऽऽऽ ऽऽऽऽऽ ऽऽ ऽऽऽ ऽऽऽ ऽऽऽऽ ऽऽ ऽऽऽ ऽऽऽ ऽऽ ऽऽऽऽ ऽऽऽ ऽऽ ऽऽऽ ऽऽऽऽ ऽऽ ऽऽऽ ऽऽऽऽऽ ऽऽ ऽऽऽ ऽऽऽ ऽऽऽ ऽऽ ऽऽऽऽ ऽऽऽ ऽऽ ऽऽऽ ऽऽऽ ऽऽऽऽ ऽऽ ऽऽऽ ऽऽऽऽ ऽऽ ऽऽऽ ऽऽऽ ऽऽऽऽ ऽऽ ऽऽऽऽऽ ऽऽऽ ऽऽऽऽ ऽऽऽ ऽऽ ऽऽऽऽ ऽऽऽऽऽ ऽऽ ऽऽऽ ऽऽऽऽ ऽऽ ऽऽऽऽ ऽऽऽ ऽऽऽऽऽ ऽऽ ऽऽऽ ऽऽऽऽ ऽऽ ऽऽऽ ऽऽऽऽ ऽऽऽऽ ऽऽ ऽऽऽ ऽऽऽऽऽ ऽऽ ऽऽऽ ऽऽऽ ऽऽऽऽ ऽऽ ऽऽऽऽ ऽऽऽ ऽऽ ऽऽऽऽऽ ऽऽऽ ऽऽ ऽऽऽ ऽऽऽऽ ऽऽ ऽऽऽ ऽऽऽऽ ऽऽ ऽऽऽऽऽ ऽऽ ऽऽऽ ऽऽऽऽ ऽऽऽ ऽऽ ऽऽऽऽ ऽऽऽ ऽऽ ऽऽऽऽ ऽऽ ऽऽऽ ऽऽऽऽ ऽऽ ऽऽऽ ऽऽऽऽऽ ऽऽ ऽऽऽ ऽऽऽ ऽऽऽऽ ऽऽ ऽऽऽ ऽऽऽ ऽऽ ऽऽऽऽ ऽऽऽ ऽऽ ऽऽऽ ऽऽऽऽ ऽऽ ऽऽऽ ऽऽऽऽऽ ऽऽ ऽऽऽ ऽऽऽ ऽऽऽ ऽऽ ऽऽऽऽ ऽऽऽ ऽऽ ऽऽऽ ऽऽऽ ऽऽऽऽ ऽऽ ऽऽऽ ऽऽऽऽ ऽऽ ऽऽऽ ऽऽऽ ऽऽऽऽ ऽऽ ऽऽऽऽऽ ऽऽऽ ऽऽऽऽ ऽऽऽ ऽऽ ऽऽऽऽ ऽऽऽऽऽ ऽऽ ऽऽऽ ऽऽऽऽ ऽऽ ऽऽऽऽ ऽऽऽ ऽऽऽऽऽ ऽऽ ऽऽऽ ऽऽऽऽ ऽऽ ऽऽऽ ऽऽऽऽ ऽऽऽऽ ऽऽ ऽऽऽ ऽऽऽऽऽ ऽऽ ऽऽऽ ऽऽऽ ऽऽऽऽ ऽऽ ऽऽऽऽ ऽऽऽ ऽऽ ऽऽऽऽऽ ऽऽऽ ऽऽ ऽऽऽ ऽऽऽऽ ऽऽ ऽऽऽ ऽऽऽऽ ऽऽ ऽऽऽऽऽ ऽऽ ऽऽऽ ऽऽऽऽ ऽऽऽ ऽऽ ऽऽऽऽ ऽऽऽ ऽऽ ऽऽऽऽ ऽऽ ऽऽऽ ऽऽऽऽ ऽऽ ऽऽऽ ऽऽऽऽऽ ऽऽ ऽऽऽ ऽऽऽ ऽऽऽऽ ऽऽ ऽऽऽ ऽऽऽ ऽऽ ऽऽऽऽ ऽऽऽ ऽऽ ऽऽऽ ऽऽऽऽ ऽऽ ऽऽऽ ऽऽऽऽऽ ऽऽ ऽऽऽ ऽऽऽ ऽऽऽ ऽऽ ऽऽऽऽ ऽऽऽ ऽऽ ऽऽऽ ऽऽऽ ऽऽऽऽ ऽऽ ऽऽऽ ऽऽऽऽ ऽऽ ऽऽऽ	सरकारच्या कामाला मर्यादा
ऽऽऽ ऽऽऽऽ ऽऽ ऽऽऽऽऽ ऽऽऽ ऽऽऽऽ ऽऽऽ ऽऽ ऽऽऽऽ ऽऽऽऽऽ ऽऽ ऽऽऽ ऽऽऽऽ ऽऽ ऽऽऽऽ ऽऽऽ ऽऽऽऽऽ ऽऽ ऽऽऽ ऽऽऽऽ ऽऽ ऽऽऽ ऽऽऽऽ ऽऽऽऽ ऽऽ ऽऽऽ ऽऽऽऽऽ ऽऽ ऽऽऽ ऽऽऽ ऽऽऽऽ ऽऽ ऽऽऽऽ ऽऽऽ ऽऽ ऽऽऽऽऽ ऽऽऽ ऽऽ ऽऽऽ ऽऽऽऽ ऽऽ ऽऽऽ ऽऽऽऽ ऽऽ ऽऽऽऽऽ ऽऽ ऽऽऽ ऽऽऽऽ ऽऽऽ ऽऽ ऽऽऽऽ ऽऽऽ ऽऽ ऽऽऽऽ ऽऽ ऽऽऽ ऽऽऽऽ ऽऽ ऽऽऽ ऽऽऽऽऽ ऽऽ ऽऽऽ ऽऽऽ ऽऽऽऽ ऽऽ ऽऽऽ ऽऽऽ ऽऽ ऽऽऽऽ ऽऽऽ ऽऽ ऽऽऽ ऽऽऽऽ ऽऽ ऽऽऽ ऽऽऽऽऽ ऽऽ ऽऽऽ ऽऽऽ ऽऽऽ ऽऽ ऽऽऽऽ ऽऽऽ ऽऽ ऽऽऽ ऽऽऽ ऽऽऽऽ ऽऽ ऽऽऽ ऽऽऽऽ ऽऽ ऽऽऽ
वायफायसाठी वेगवान स्पेक्ट्रमची मागणी
नवी दिल्ली, दि. २८ - ऽऽऽ ऽऽऽऽ ऽऽ ऽऽऽऽऽ ऽऽऽ ऽऽऽऽ ऽऽऽ ऽऽ ऽऽऽऽ ऽऽऽऽऽ ऽऽ ऽऽऽ ऽऽऽऽ ऽऽ ऽऽऽऽ ऽऽऽ ऽऽऽऽऽ ऽऽ ऽऽऽ ऽऽऽऽ ऽऽ ऽऽऽ ऽऽऽऽ ऽऽऽऽ ऽऽ ऽऽऽ ऽऽऽऽऽ ऽऽ ऽऽऽ ऽऽऽ ऽऽऽऽ ऽऽ ऽऽऽऽ ऽऽऽ ऽऽ ऽऽऽऽऽ ऽऽऽ ऽऽ ऽऽऽ ऽऽऽऽ ऽऽ ऽऽऽ ऽऽऽऽ ऽऽ ऽऽऽऽऽ ऽऽ ऽऽऽ ऽऽऽऽ ऽऽऽ ऽऽ ऽऽऽऽ ऽऽऽ ऽऽ ऽऽऽऽ ऽऽ ऽऽऽ ऽऽऽऽ ऽऽ ऽऽऽ ऽऽऽऽऽ ऽऽ ऽऽऽ ऽऽऽ ऽऽऽऽ ऽऽ ऽऽऽ ऽऽऽ ऽऽ ऽऽऽऽ ऽऽऽ ऽऽ ऽऽऽ ऽऽऽऽ ऽऽ ऽऽऽ ऽऽऽऽऽ ऽऽ ऽऽऽ ऽऽऽ ऽऽऽ ऽऽ ऽऽऽऽ ऽऽऽ ऽऽ ऽऽऽ ऽऽऽ ऽऽऽऽ ऽऽ ऽऽऽ ऽऽऽऽ ऽऽ ऽऽऽ
निस्सान कंपनी भारतातील कामकाज वाढविणार
ऽऽऽ ऽऽऽऽ ऽऽ ऽऽऽऽऽ ऽऽऽ ऽऽऽऽ ऽऽऽ ऽऽ ऽऽऽऽ ऽऽऽऽऽ ऽऽ ऽऽऽ ऽऽऽऽ ऽऽ ऽऽऽऽ ऽऽऽ ऽऽऽऽऽ ऽऽ ऽऽऽ ऽऽऽऽ ऽऽ ऽऽऽ ऽऽऽऽ ऽऽऽऽ ऽऽ ऽऽऽ ऽऽऽऽऽ ऽऽ ऽऽऽ ऽऽऽ ऽऽऽऽ ऽऽ ऽऽऽऽ ऽऽऽ ऽऽ ऽऽऽऽऽ ऽऽऽ ऽऽ ऽऽऽ ऽऽऽऽ ऽऽ ऽऽऽ ऽऽऽऽ ऽऽ ऽऽऽऽऽ ऽऽ ऽऽऽ ऽऽऽऽ ऽऽऽ ऽऽ ऽऽऽऽ ऽऽऽ ऽऽ ऽऽऽऽ ऽऽ ऽऽऽ ऽऽऽऽ ऽऽ ऽऽऽ ऽऽऽऽऽ ऽऽ ऽऽऽ ऽऽऽ ऽऽऽऽ ऽऽ ऽऽऽ ऽऽऽ ऽऽ ऽऽऽऽ ऽऽऽ ऽऽ ऽऽऽ ऽऽऽऽ ऽऽ ऽऽऽ ऽऽऽऽऽ ऽऽ ऽऽऽ ऽऽऽ ऽऽऽ ऽऽ ऽऽऽऽ ऽऽऽ ऽऽ ऽऽऽ ऽऽऽ ऽऽऽऽ ऽऽ ऽऽऽ ऽऽऽऽ ऽऽ ऽऽऽ
नवी दिल्ली, दि. २८ - ऽऽऽ ऽऽऽऽ ऽऽ ऽऽऽऽऽ ऽऽऽ ऽऽऽऽ ऽऽऽ ऽऽ ऽऽऽऽ ऽऽऽऽऽ ऽऽ ऽऽऽ ऽऽऽऽ ऽऽ ऽऽऽऽ ऽऽऽ ऽऽऽऽऽ ऽऽ ऽऽऽ ऽऽऽऽ ऽऽ ऽऽऽ ऽऽऽऽ ऽऽऽऽ ऽऽ ऽऽऽ ऽऽऽऽऽ ऽऽ ऽऽऽ ऽऽऽ ऽऽऽऽ ऽऽ ऽऽऽऽ ऽऽऽ ऽऽ ऽऽऽऽऽ ऽऽऽ ऽऽ ऽऽऽ ऽऽऽऽ ऽऽ ऽऽऽ ऽऽऽऽ ऽऽ ऽऽऽऽऽ ऽऽ ऽऽऽ ऽऽऽऽ ऽऽऽ ऽऽ ऽऽऽऽ ऽऽऽ ऽऽ ऽऽऽऽ ऽऽ ऽऽऽ ऽऽऽऽ ऽऽ ऽऽऽ ऽऽऽऽऽ ऽऽ ऽऽऽ ऽऽऽ ऽऽऽऽ ऽऽ ऽऽऽ ऽऽऽ ऽऽ ऽऽऽऽ ऽऽऽ ऽऽ ऽऽऽ ऽऽऽऽ ऽऽ ऽऽऽ ऽऽऽऽऽ ऽऽ ऽऽऽ ऽऽऽ ऽऽऽ ऽऽ ऽऽऽऽ ऽऽऽ ऽऽ ऽऽऽ ऽऽऽ ऽऽऽऽ ऽऽ ऽऽऽ ऽऽऽऽ ऽऽ ऽऽऽ
ऽऽऽ ऽऽऽऽ ऽऽ ऽऽऽऽऽ ऽऽऽ ऽऽऽऽ ऽऽऽ ऽऽ ऽऽऽऽ ऽऽऽऽऽ ऽऽ ऽऽऽ ऽऽऽऽ ऽऽ ऽऽऽऽ ऽऽऽ ऽऽऽऽऽ ऽऽ ऽऽऽ ऽऽऽऽ ऽऽ ऽऽऽ ऽऽऽऽ ऽऽऽऽ ऽऽ ऽऽऽ ऽऽऽऽऽ ऽऽ ऽऽऽ ऽऽऽ ऽऽऽऽ ऽऽ ऽऽऽऽ ऽऽऽ ऽऽ ऽऽऽऽऽ ऽऽऽ ऽऽ ऽऽऽ ऽऽऽऽ ऽऽ ऽऽऽ ऽऽऽऽ ऽऽ ऽऽऽऽऽ ऽऽ ऽऽऽ ऽऽऽऽ ऽऽऽ ऽऽ ऽऽऽऽ ऽऽऽ ऽऽ ऽऽऽऽ ऽऽ ऽऽऽ ऽऽऽऽ ऽऽ ऽऽऽ ऽऽऽऽऽ ऽऽ ऽऽऽ ऽऽऽ ऽऽऽऽ ऽऽ ऽऽऽ ऽऽऽ ऽऽ ऽऽऽऽ ऽऽऽ ऽऽ ऽऽऽ ऽऽऽऽ ऽऽ ऽऽऽ ऽऽऽऽऽ ऽऽ ऽऽऽ ऽऽऽ ऽऽऽ ऽऽ ऽऽऽऽ ऽऽऽ ऽऽ ऽऽऽ ऽऽऽ ऽऽऽऽ ऽऽ ऽऽऽ ऽऽऽऽ ऽऽ ऽऽऽ
